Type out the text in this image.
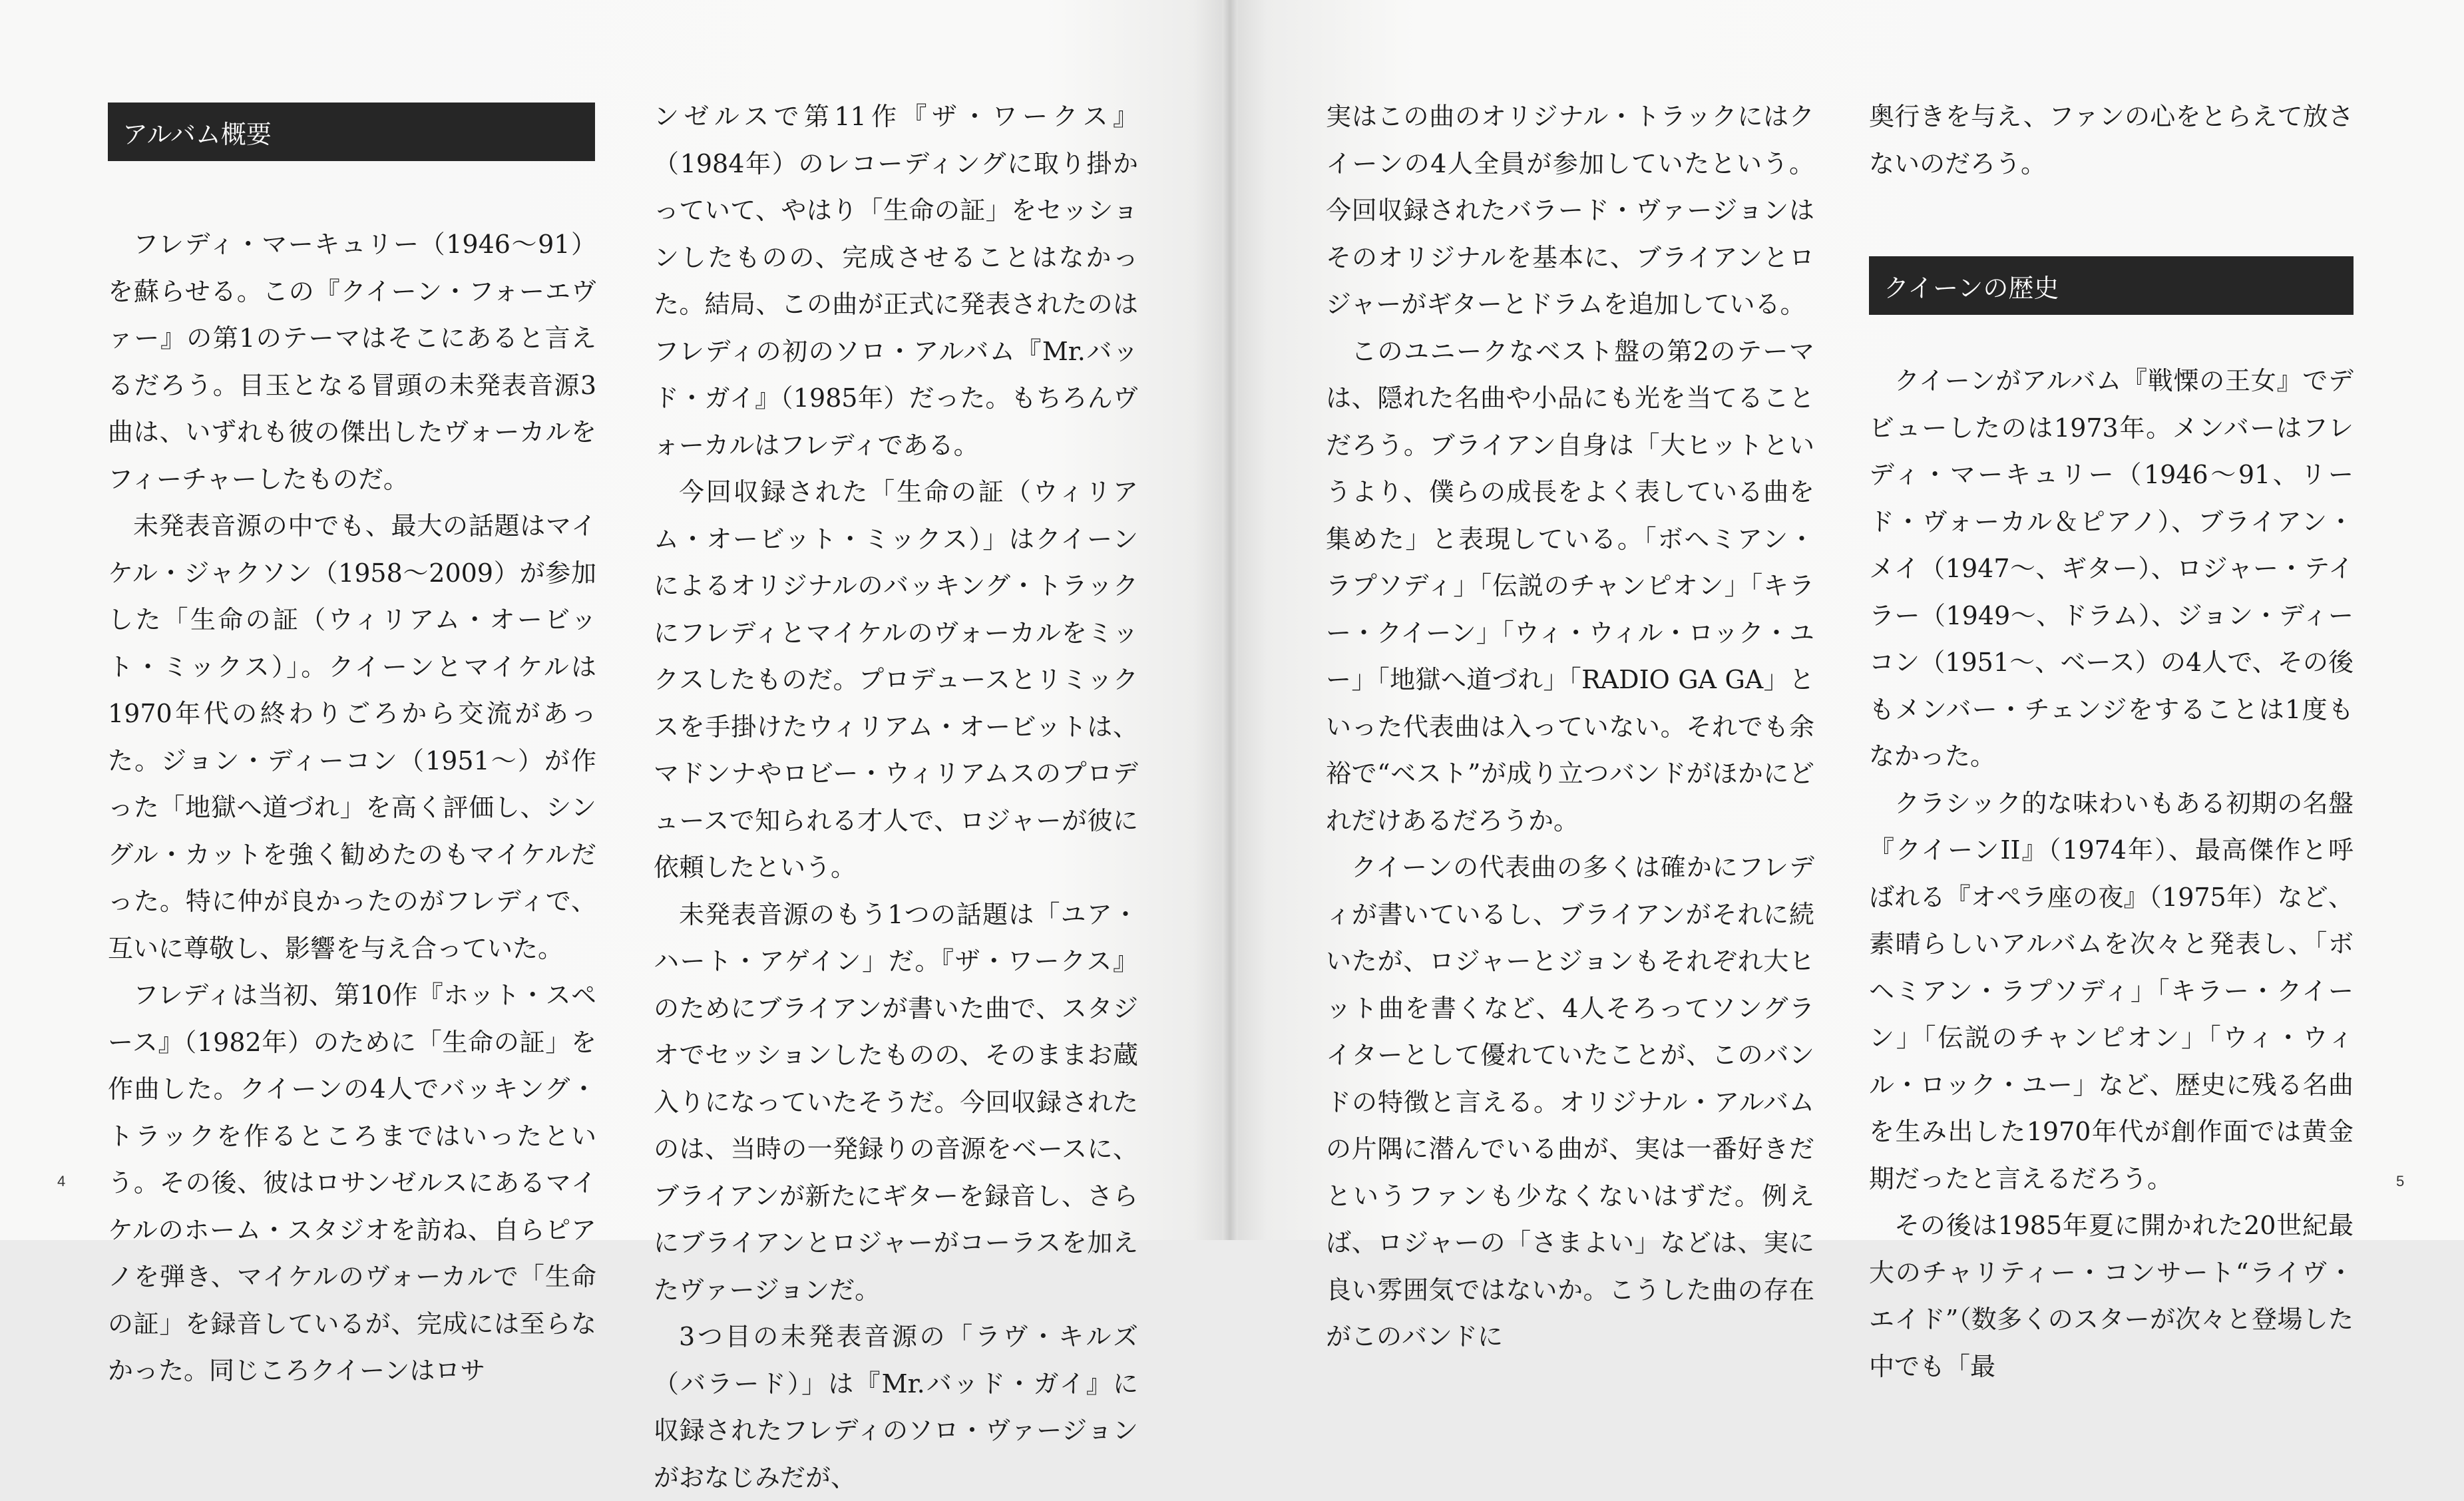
アルバム概要

フレディ・マーキュリー（1946～91）を蘇らせる。この『クイーン・フォーエヴァー』の第1のテーマはそこにあると言えるだろう。目玉となる冒頭の未発表音源3曲は、いずれも彼の傑出したヴォーカルをフィーチャーしたものだ。

未発表音源の中でも、最大の話題はマイケル・ジャクソン（1958～2009）が参加した「生命の証（ウィリアム・オービット・ミックス）」。クイーンとマイケルは1970年代の終わりごろから交流があった。ジョン・ディーコン（1951～）が作った「地獄へ道づれ」を高く評価し、シングル・カットを強く勧めたのもマイケルだった。特に仲が良かったのがフレディで、互いに尊敬し、影響を与え合っていた。

フレディは当初、第10作『ホット・スペース』（1982年）のために「生命の証」を作曲した。クイーンの4人でバッキング・トラックを作るところまではいったという。その後、彼はロサンゼルスにあるマイケルのホーム・スタジオを訪ね、自らピアノを弾き、マイケルのヴォーカルで「生命の証」を録音しているが、完成には至らなかった。同じころクイーンはロサ

ンゼルスで第11作『ザ・ワークス』（1984年）のレコーディングに取り掛かっていて、やはり「生命の証」をセッションしたものの、完成させることはなかった。結局、この曲が正式に発表されたのはフレディの初のソロ・アルバム『Mr.バッド・ガイ』（1985年）だった。もちろんヴォーカルはフレディである。

今回収録された「生命の証（ウィリアム・オービット・ミックス）」はクイーンによるオリジナルのバッキング・トラックにフレディとマイケルのヴォーカルをミックスしたものだ。プロデュースとリミックスを手掛けたウィリアム・オービットは、マドンナやロビー・ウィリアムスのプロデュースで知られる才人で、ロジャーが彼に依頼したという。

未発表音源のもう1つの話題は「ユア・ハート・アゲイン」だ。『ザ・ワークス』のためにブライアンが書いた曲で、スタジオでセッションしたものの、そのままお蔵入りになっていたそうだ。今回収録されたのは、当時の一発録りの音源をベースに、ブライアンが新たにギターを録音し、さらにブライアンとロジャーがコーラスを加えたヴァージョンだ。

3つ目の未発表音源の「ラヴ・キルズ（バラード）」は『Mr.バッド・ガイ』に収録されたフレディのソロ・ヴァージョンがおなじみだが、

4

実はこの曲のオリジナル・トラックにはクイーンの4人全員が参加していたという。今回収録されたバラード・ヴァージョンはそのオリジナルを基本に、ブライアンとロジャーがギターとドラムを追加している。

このユニークなベスト盤の第2のテーマは、隠れた名曲や小品にも光を当てることだろう。ブライアン自身は「大ヒットというより、僕らの成長をよく表している曲を集めた」と表現している。「ボヘミアン・ラプソディ」「伝説のチャンピオン」「キラー・クイーン」「ウィ・ウィル・ロック・ユー」「地獄へ道づれ」「RADIO GA GA」といった代表曲は入っていない。それでも余裕で“ベスト”が成り立つバンドがほかにどれだけあるだろうか。

クイーンの代表曲の多くは確かにフレディが書いているし、ブライアンがそれに続いたが、ロジャーとジョンもそれぞれ大ヒット曲を書くなど、4人そろってソングライターとして優れていたことが、このバンドの特徴と言える。オリジナル・アルバムの片隅に潜んでいる曲が、実は一番好きだというファンも少なくないはずだ。例えば、ロジャーの「さまよい」などは、実に良い雰囲気ではないか。こうした曲の存在がこのバンドに

奥行きを与え、ファンの心をとらえて放さないのだろう。

クイーンがアルバム『戦慄の王女』でデビューしたのは1973年。メンバーはフレディ・マーキュリー（1946～91、リード・ヴォーカル＆ピアノ）、ブライアン・メイ（1947～、ギター）、ロジャー・テイラー（1949～、ドラム）、ジョン・ディーコン（1951～、ベース）の4人で、その後もメンバー・チェンジをすることは1度もなかった。

クラシック的な味わいもある初期の名盤『クイーンII』（1974年）、最高傑作と呼ばれる『オペラ座の夜』（1975年）など、素晴らしいアルバムを次々と発表し、「ボヘミアン・ラプソディ」「キラー・クイーン」「伝説のチャンピオン」「ウィ・ウィル・ロック・ユー」など、歴史に残る名曲を生み出した1970年代が創作面では黄金期だったと言えるだろう。

その後は1985年夏に開かれた20世紀最大のチャリティー・コンサート“ライヴ・エイド”（数多くのスターが次々と登場した中でも「最

クイーンの歴史
5
